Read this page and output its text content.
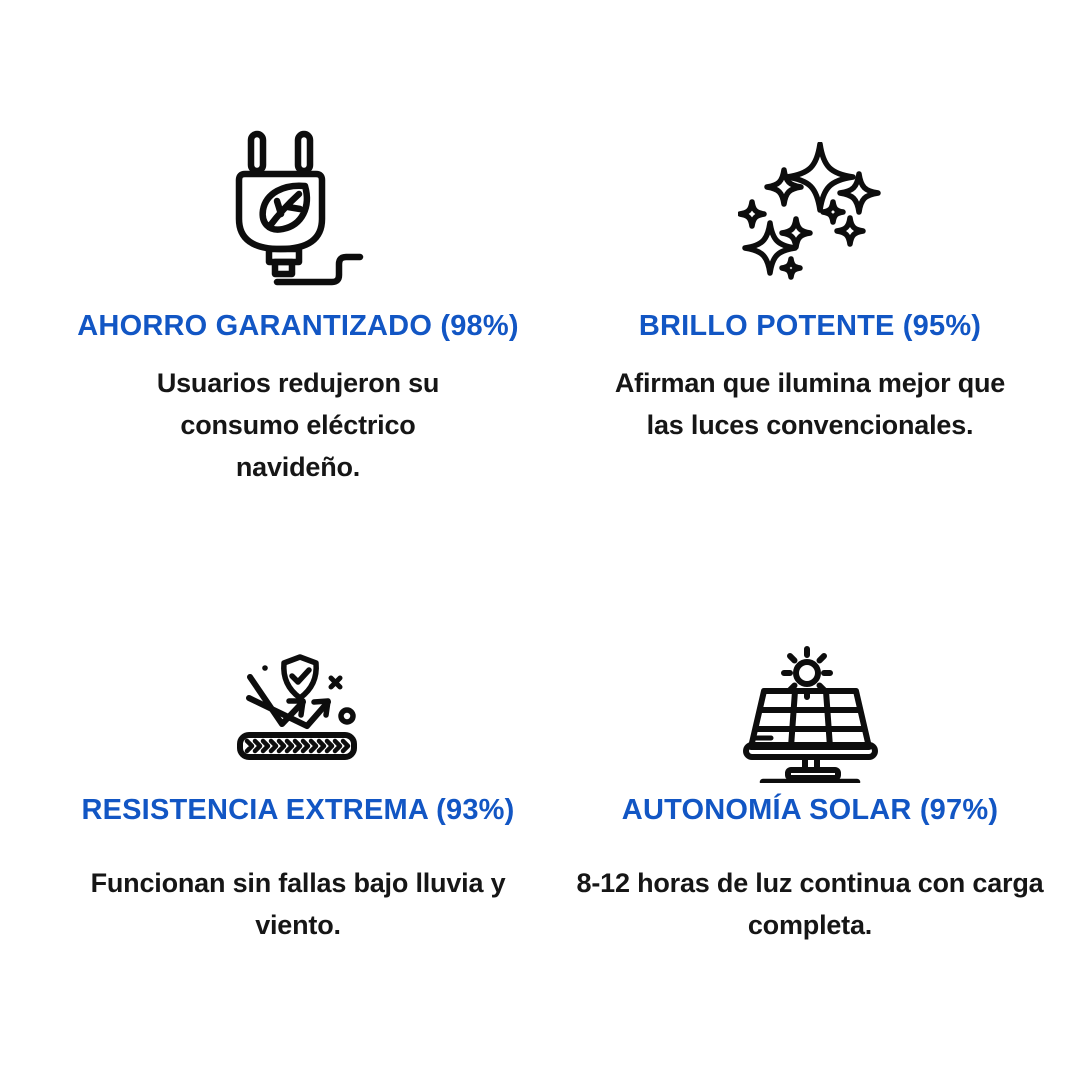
AHORRO GARANTIZADO (98%)

Usuarios redujeron su
consumo eléctrico
navideño.

BRILLO POTENTE (95%)

Afirman que ilumina mejor que
las luces convencionales.

RESISTENCIA EXTREMA (93%)

Funcionan sin fallas bajo lluvia y
viento.

AUTONOMÍA SOLAR (97%)

8-12 horas de luz continua con carga
completa.
